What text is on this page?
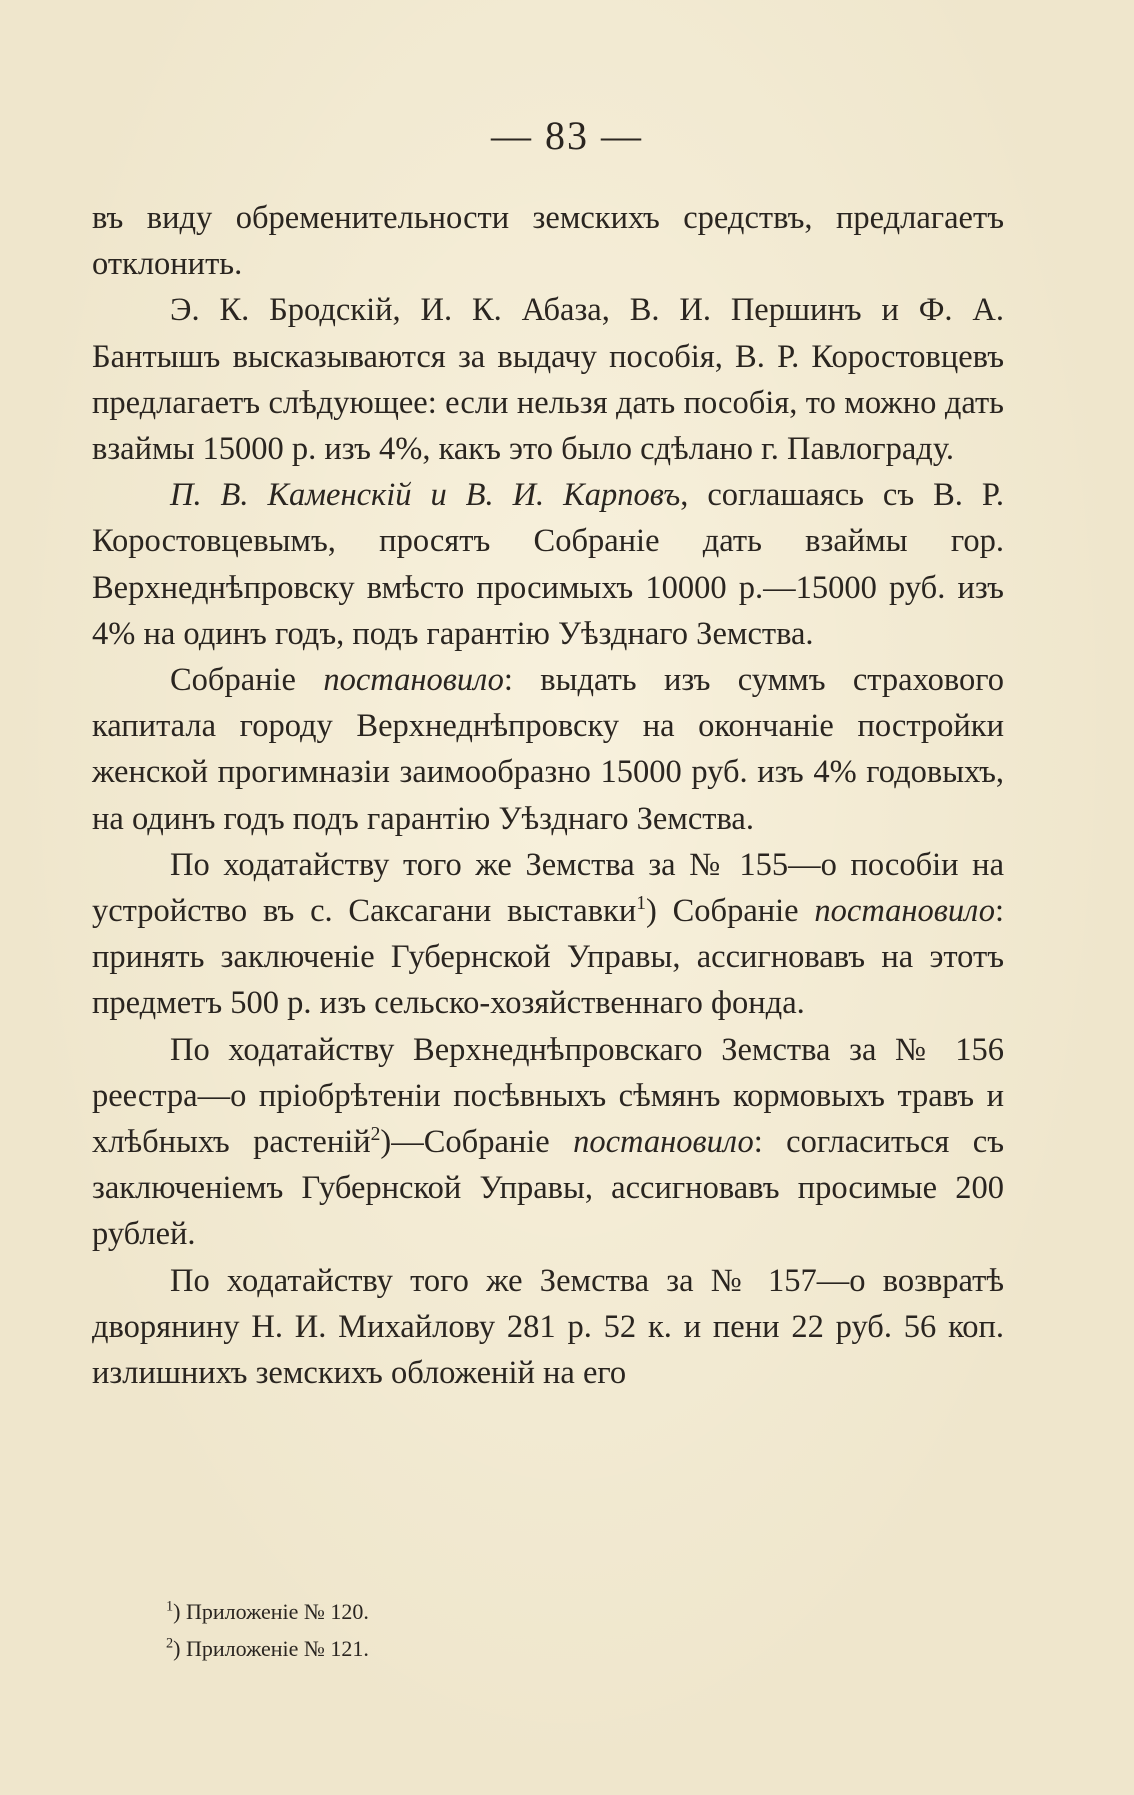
— 83 —

въ виду обременительности земскихъ средствъ, предлагаетъ отклонить.

Э. К. Бродскій, И. К. Абаза, В. И. Першинъ и Ф. А. Бантышъ высказываются за выдачу пособія, В. Р. Коростовцевъ предлагаетъ слѣдующее: если нельзя дать пособія, то можно дать взаймы 15000 р. изъ 4%, какъ это было сдѣлано г. Павлограду.

П. В. Каменскій и В. И. Карповъ, соглашаясь съ В. Р. Коростовцевымъ, просятъ Собраніе дать взаймы гор. Верхнеднѣпровску вмѣсто просимыхъ 10000 р.—15000 руб. изъ 4% на одинъ годъ, подъ гарантію Уѣзднаго Земства.

Собраніе постановило: выдать изъ суммъ страхового капитала городу Верхнеднѣпровску на окончаніе постройки женской прогимназіи заимообразно 15000 руб. изъ 4% годовыхъ, на одинъ годъ подъ гарантію Уѣзднаго Земства.

По ходатайству того же Земства за № 155—о пособіи на устройство въ с. Саксагани выставки$^1$) Собраніе постановило: принять заключеніе Губернской Управы, ассигновавъ на этотъ предметъ 500 р. изъ сельско-хозяйственнаго фонда.

По ходатайству Верхнеднѣпровскаго Земства за № 156 реестра—о пріобрѣтеніи посѣвныхъ сѣмянъ кормовыхъ травъ и хлѣбныхъ растеній$^2$)—Собраніе постановило: согласиться съ заключеніемъ Губернской Управы, ассигновавъ просимые 200 рублей.

По ходатайству того же Земства за № 157—о возвратѣ дворянину Н. И. Михайлову 281 р. 52 к. и пени 22 руб. 56 коп. излишнихъ земскихъ обложеній на его

$^1$) Приложеніе № 120.

$^2$) Приложеніе № 121.
